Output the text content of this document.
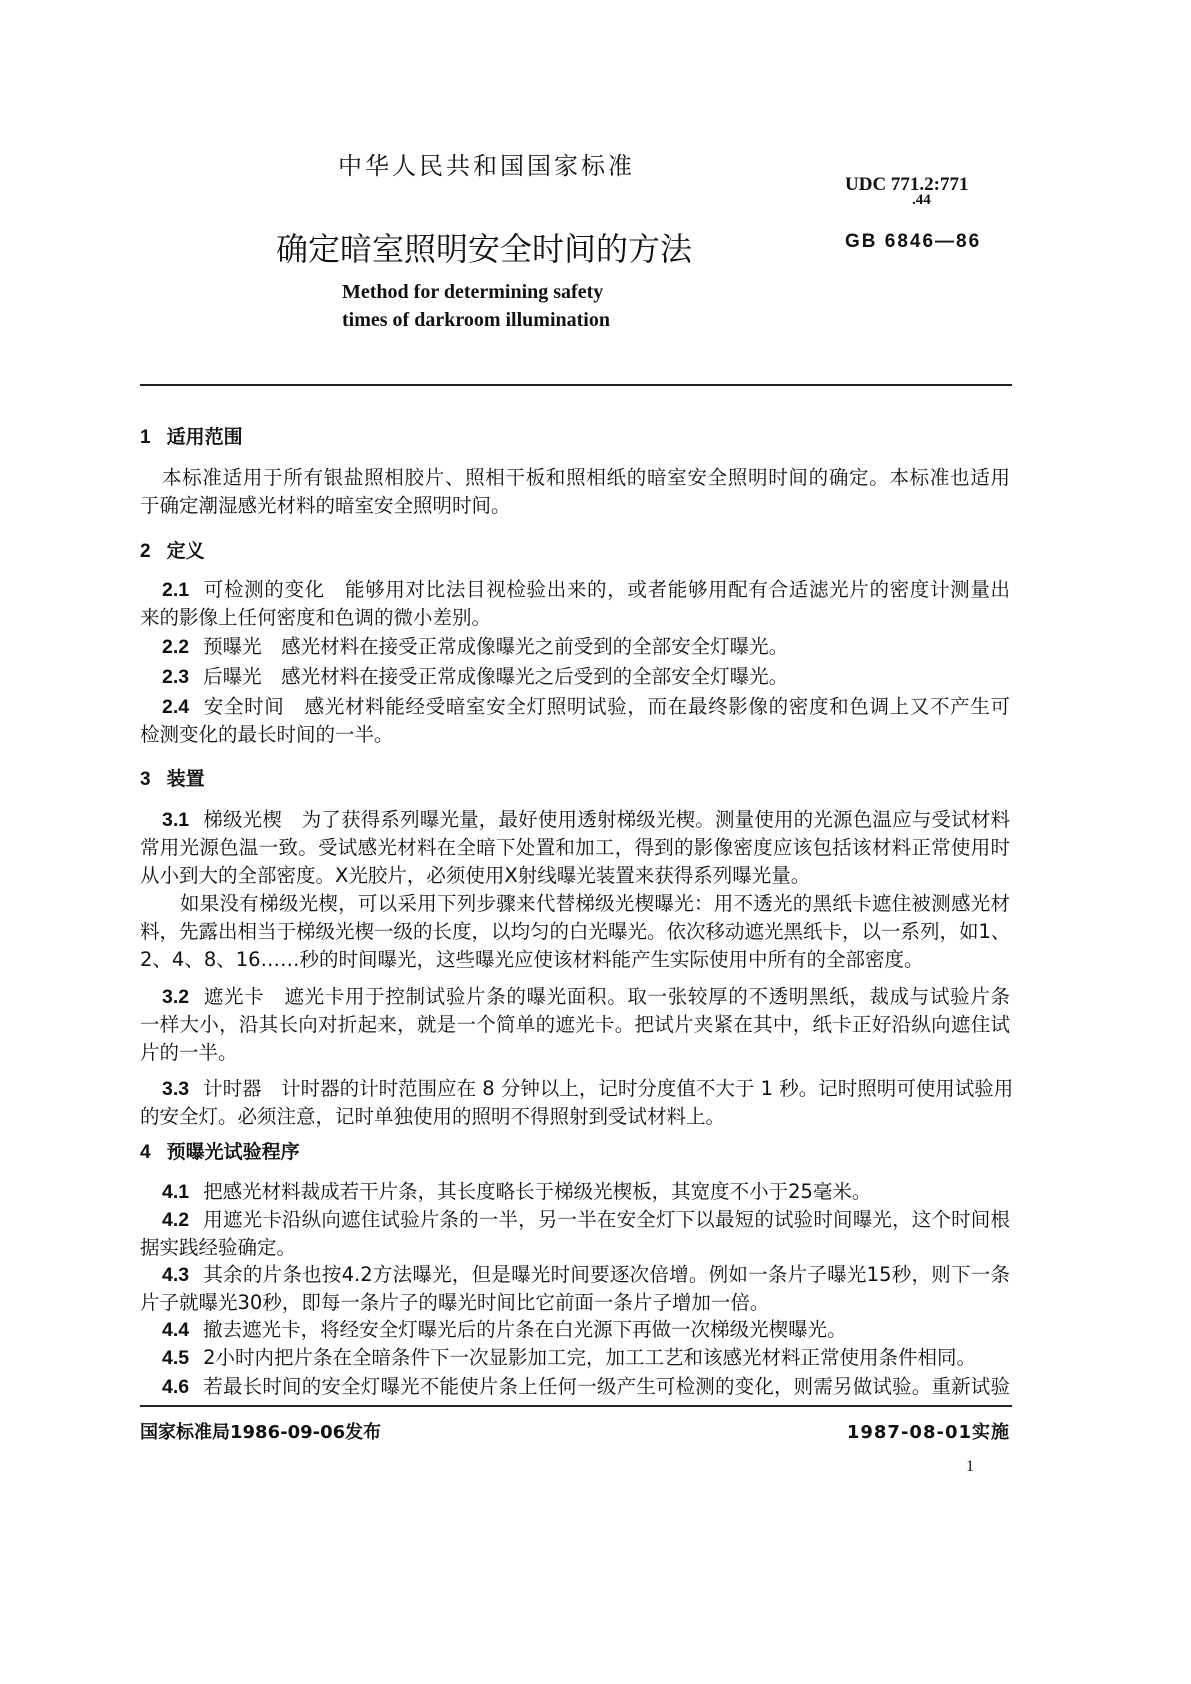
中华人民共和国国家标准
UDC 771.2:771
.44
确定暗室照明安全时间的方法	GB 6846—86
Method for determining safety
times of darkroom illumination
1 适用范围
本标准适用于所有银盐照相胶片、照相干板和照相纸的暗室安全照明时间的确定。本标准也适用
于确定潮湿感光材料的暗室安全照明时间。
2 定义
2.1 可检测的变化　能够用对比法目视检验出来的，或者能够用配有合适滤光片的密度计测量出
来的影像上任何密度和色调的微小差别。
2.2 预曝光　感光材料在接受正常成像曝光之前受到的全部安全灯曝光。
2.3 后曝光　感光材料在接受正常成像曝光之后受到的全部安全灯曝光。
2.4 安全时间　感光材料能经受暗室安全灯照明试验，而在最终影像的密度和色调上又不产生可
检测变化的最长时间的一半。
3 装置
3.1 梯级光楔　为了获得系列曝光量，最好使用透射梯级光楔。测量使用的光源色温应与受试材料
常用光源色温一致。受试感光材料在全暗下处置和加工，得到的影像密度应该包括该材料正常使用时
从小到大的全部密度。X光胶片，必须使用X射线曝光装置来获得系列曝光量。
如果没有梯级光楔，可以采用下列步骤来代替梯级光楔曝光：用不透光的黑纸卡遮住被测感光材
料，先露出相当于梯级光楔一级的长度，以均匀的白光曝光。依次移动遮光黑纸卡，以一系列，如1、
2、4、8、16……秒的时间曝光，这些曝光应使该材料能产生实际使用中所有的全部密度。
3.2 遮光卡　遮光卡用于控制试验片条的曝光面积。取一张较厚的不透明黑纸，裁成与试验片条
一样大小，沿其长向对折起来，就是一个简单的遮光卡。把试片夹紧在其中，纸卡正好沿纵向遮住试
片的一半。
3.3 计时器　计时器的计时范围应在 8 分钟以上，记时分度值不大于 1 秒。记时照明可使用试验用
的安全灯。必须注意，记时单独使用的照明不得照射到受试材料上。
4 预曝光试验程序
4.1 把感光材料裁成若干片条，其长度略长于梯级光楔板，其宽度不小于25毫米。
4.2 用遮光卡沿纵向遮住试验片条的一半，另一半在安全灯下以最短的试验时间曝光，这个时间根
据实践经验确定。
4.3 其余的片条也按4.2方法曝光，但是曝光时间要逐次倍增。例如一条片子曝光15秒，则下一条
片子就曝光30秒，即每一条片子的曝光时间比它前面一条片子增加一倍。
4.4 撤去遮光卡，将经安全灯曝光后的片条在白光源下再做一次梯级光楔曝光。
4.5 2小时内把片条在全暗条件下一次显影加工完，加工工艺和该感光材料正常使用条件相同。
4.6 若最长时间的安全灯曝光不能使片条上任何一级产生可检测的变化，则需另做试验。重新试验
国家标准局1986-09-06发布	1987-08-01实施
1
